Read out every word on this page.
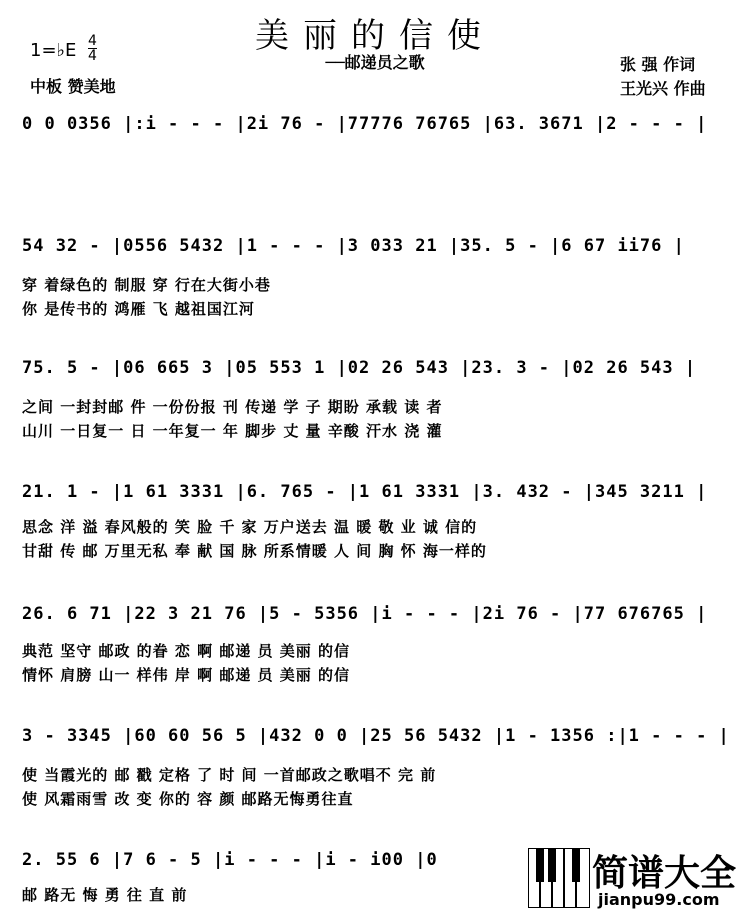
美丽的信使
──邮递员之歌
1=♭E 4
4
中板 赞美地
张 强 作词
王光兴 作曲
0 0 0356 |:i - - - |2i 76 - |77776 76765 |63. 3671 |2 - - - |
54 32 - |0556 5432 |1 - - - |3 033 21 |35. 5 - |6 67 ii76 |
穿 着绿色的 制服 穿 行在大街小巷
你 是传书的 鸿雁 飞 越祖国江河
75. 5 - |06 665 3 |05 553 1 |02 26 543 |23. 3 - |02 26 543 |
之间 一封封邮 件 一份份报 刊 传递 学 子 期盼 承载 读 者
山川 一日复一 日 一年复一 年 脚步 丈 量 辛酸 汗水 浇 灌
21. 1 - |1 61 3331 |6. 765 - |1 61 3331 |3. 432 - |345 3211 |
思念 洋 溢 春风般的 笑 脸 千 家 万户送去 温 暖 敬 业 诚 信的
甘甜 传 邮 万里无私 奉 献 国 脉 所系情暖 人 间 胸 怀 海一样的
26. 6 71 |22 3 21 76 |5 - 5356 |i - - - |2i 76 - |77 676765 |
典范 坚守 邮政 的眷 恋 啊 邮递 员 美丽 的信
情怀 肩膀 山一 样伟 岸 啊 邮递 员 美丽 的信
3 - 3345 |60 60 56 5 |432 0 0 |25 56 5432 |1 - 1356 :|1 - - - |
使 当霞光的 邮 戳 定格 了 时 间 一首邮政之歌唱不 完 前
使 风霜雨雪 改 变 你的 容 颜 邮路无悔勇往直
2. 55 6 |7 6 - 5 |i - - - |i - i00 |0
邮 路无 悔 勇 往 直 前
简谱大全
jianpu99.com
